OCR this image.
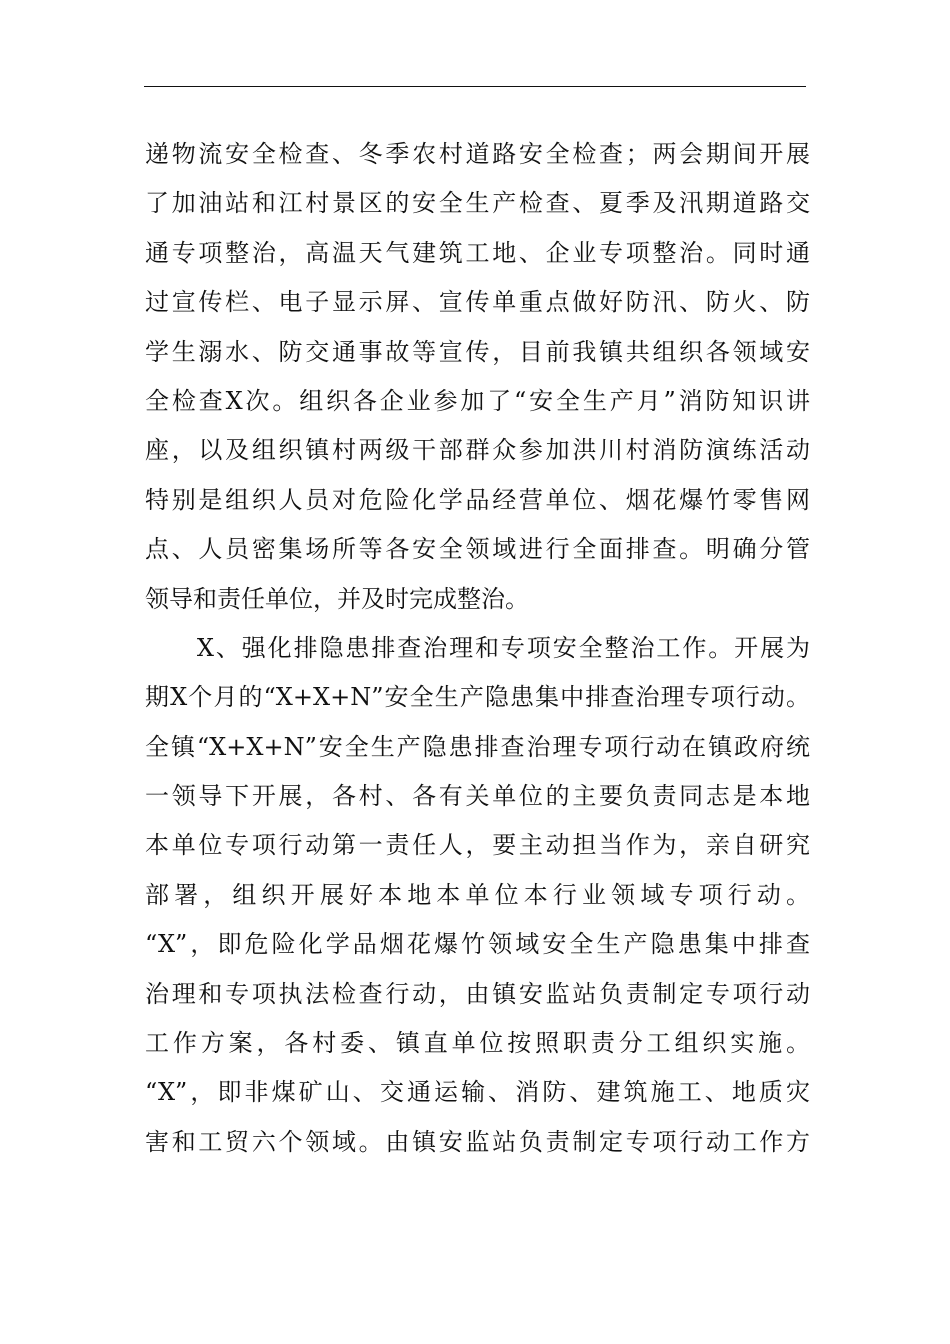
递物流安全检查、冬季农村道路安全检查；两会期间开展
了加油站和江村景区的安全生产检查、夏季及汛期道路交
通专项整治，高温天气建筑工地、企业专项整治。同时通
过宣传栏、电子显示屏、宣传单重点做好防汛、防火、防
学生溺水、防交通事故等宣传，目前我镇共组织各领域安
全检查X次。组织各企业参加了“安全生产月”消防知识讲
座，以及组织镇村两级干部群众参加洪川村消防演练活动
特别是组织人员对危险化学品经营单位、烟花爆竹零售网
点、人员密集场所等各安全领域进行全面排查。明确分管
领导和责任单位，并及时完成整治。
　　X、强化排隐患排查治理和专项安全整治工作。开展为
期X个月的“X+X+N”安全生产隐患集中排查治理专项行动。
全镇“X+X+N”安全生产隐患排查治理专项行动在镇政府统
一领导下开展，各村、各有关单位的主要负责同志是本地
本单位专项行动第一责任人，要主动担当作为，亲自研究
部署，组织开展好本地本单位本行业领域专项行动。
“X”，即危险化学品烟花爆竹领域安全生产隐患集中排查
治理和专项执法检查行动，由镇安监站负责制定专项行动
工作方案，各村委、镇直单位按照职责分工组织实施。
“X”，即非煤矿山、交通运输、消防、建筑施工、地质灾
害和工贸六个领域。由镇安监站负责制定专项行动工作方
